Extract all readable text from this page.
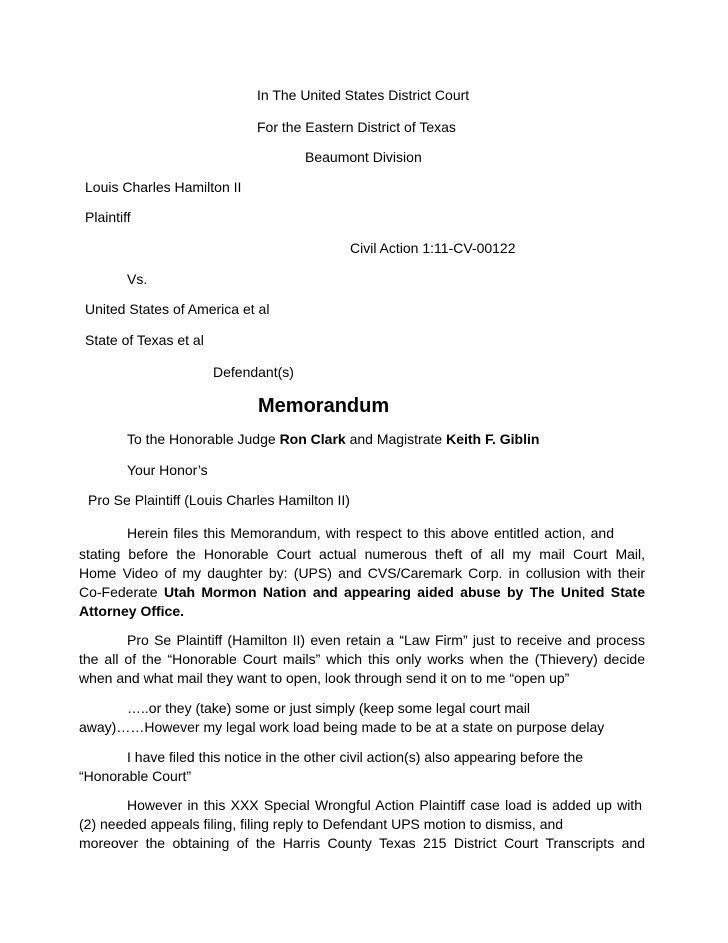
In The United States District Court
For the Eastern District of Texas
Beaumont Division
Louis Charles Hamilton II
Plaintiff
Civil Action 1:11-CV-00122
Vs.
United States of America et al
State of Texas et al
Defendant(s)
Memorandum
To the Honorable Judge Ron Clark and Magistrate Keith F. Giblin
Your Honor’s
Pro Se Plaintiff (Louis Charles Hamilton II)
Herein files this Memorandum, with respect to this above entitled action, and
stating before the Honorable Court actual numerous theft of all my mail Court Mail,
Home Video of my daughter by: (UPS) and CVS/Caremark Corp. in collusion with their
Co-Federate Utah Mormon Nation and appearing aided abuse by The United State
Attorney Office.
Pro Se Plaintiff (Hamilton II) even retain a “Law Firm” just to receive and process
the all of the “Honorable Court mails” which this only works when the (Thievery) decide
when and what mail they want to open, look through send it on to me “open up”
…..or they (take) some or just simply (keep some legal court mail
away)……However my legal work load being made to be at a state on purpose delay
I have filed this notice in the other civil action(s) also appearing before the
“Honorable Court”
However in this XXX Special Wrongful Action Plaintiff case load is added up with
(2) needed appeals filing, filing reply to Defendant UPS motion to dismiss, and
moreover the obtaining of the Harris County Texas 215 District Court Transcripts and
